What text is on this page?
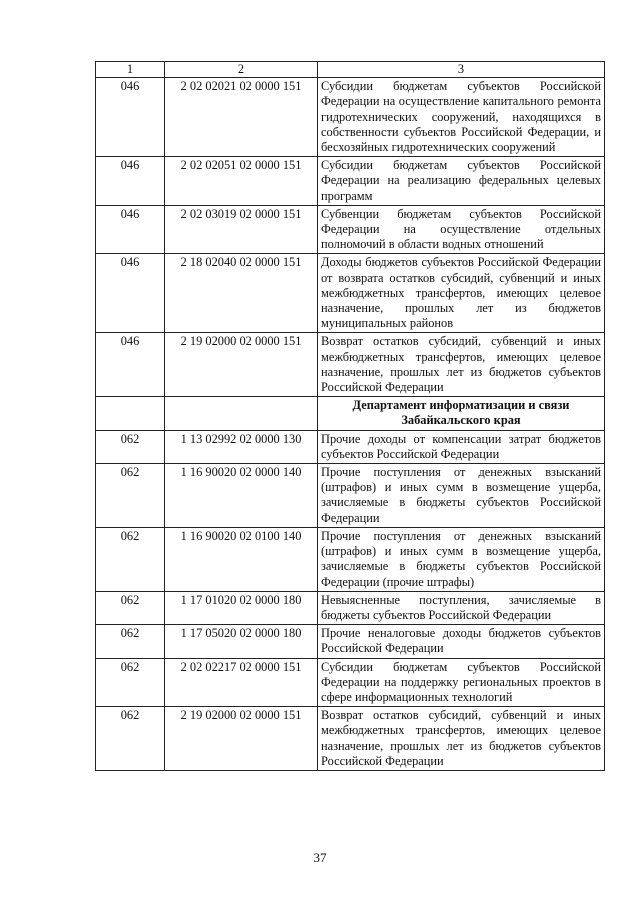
1	2	3
046	2 02 02021 02 0000 151	Субсидии бюджетам субъектов Российской Федерации на осуществление капитального ремонта гидротехнических сооружений, находящихся в собственности субъектов Российской Федерации, и бесхозяйных гидротехнических сооружений
046	2 02 02051 02 0000 151	Субсидии бюджетам субъектов Российской Федерации на реализацию федеральных целевых программ
046	2 02 03019 02 0000 151	Субвенции бюджетам субъектов Российской Федерации на осуществление отдельных полномочий в области водных отношений
046	2 18 02040 02 0000 151	Доходы бюджетов субъектов Российской Федерации от возврата остатков субсидий, субвенций и иных межбюджетных трансфертов, имеющих целевое назначение, прошлых лет из бюджетов муниципальных районов
046	2 19 02000 02 0000 151	Возврат остатков субсидий, субвенций и иных межбюджетных трансфертов, имеющих целевое назначение, прошлых лет из бюджетов субъектов Российской Федерации
		Департамент информатизации и связи Забайкальского края
062	1 13 02992 02 0000 130	Прочие доходы от компенсации затрат бюджетов субъектов Российской Федерации
062	1 16 90020 02 0000 140	Прочие поступления от денежных взысканий (штрафов) и иных сумм в возмещение ущерба, зачисляемые в бюджеты субъектов Российской Федерации
062	1 16 90020 02 0100 140	Прочие поступления от денежных взысканий (штрафов) и иных сумм в возмещение ущерба, зачисляемые в бюджеты субъектов Российской Федерации (прочие штрафы)
062	1 17 01020 02 0000 180	Невыясненные поступления, зачисляемые в бюджеты субъектов Российской Федерации
062	1 17 05020 02 0000 180	Прочие неналоговые доходы бюджетов субъектов Российской Федерации
062	2 02 02217 02 0000 151	Субсидии бюджетам субъектов Российской Федерации на поддержку региональных проектов в сфере информационных технологий
062	2 19 02000 02 0000 151	Возврат остатков субсидий, субвенций и иных межбюджетных трансфертов, имеющих целевое назначение, прошлых лет из бюджетов субъектов Российской Федерации
37
